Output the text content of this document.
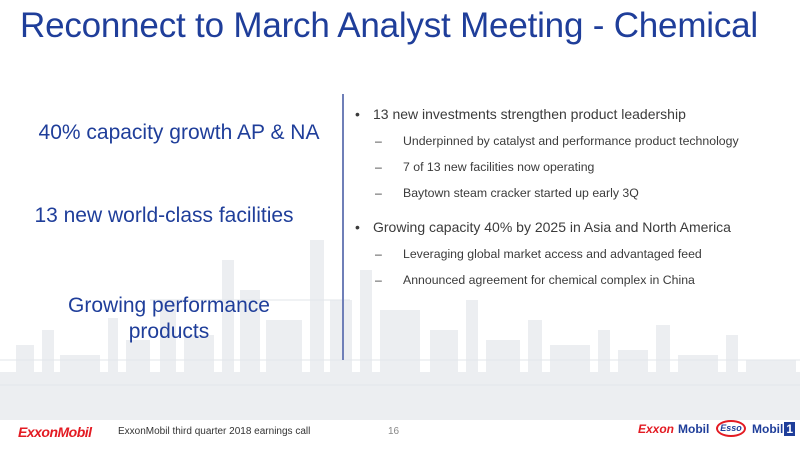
Reconnect to March Analyst Meeting - Chemical
40% capacity growth AP & NA
13 new world-class facilities
Growing performance products
• 13 new investments strengthen product leadership
– Underpinned by catalyst and performance product technology
– 7 of 13 new facilities now operating
– Baytown steam cracker started up early 3Q
• Growing capacity 40% by 2025 in Asia and North America
– Leveraging global market access and advantaged feed
– Announced agreement for chemical complex in China
ExxonMobil	ExxonMobil third quarter 2018 earnings call	16	Exxon Mobil	Esso Mobil 1
